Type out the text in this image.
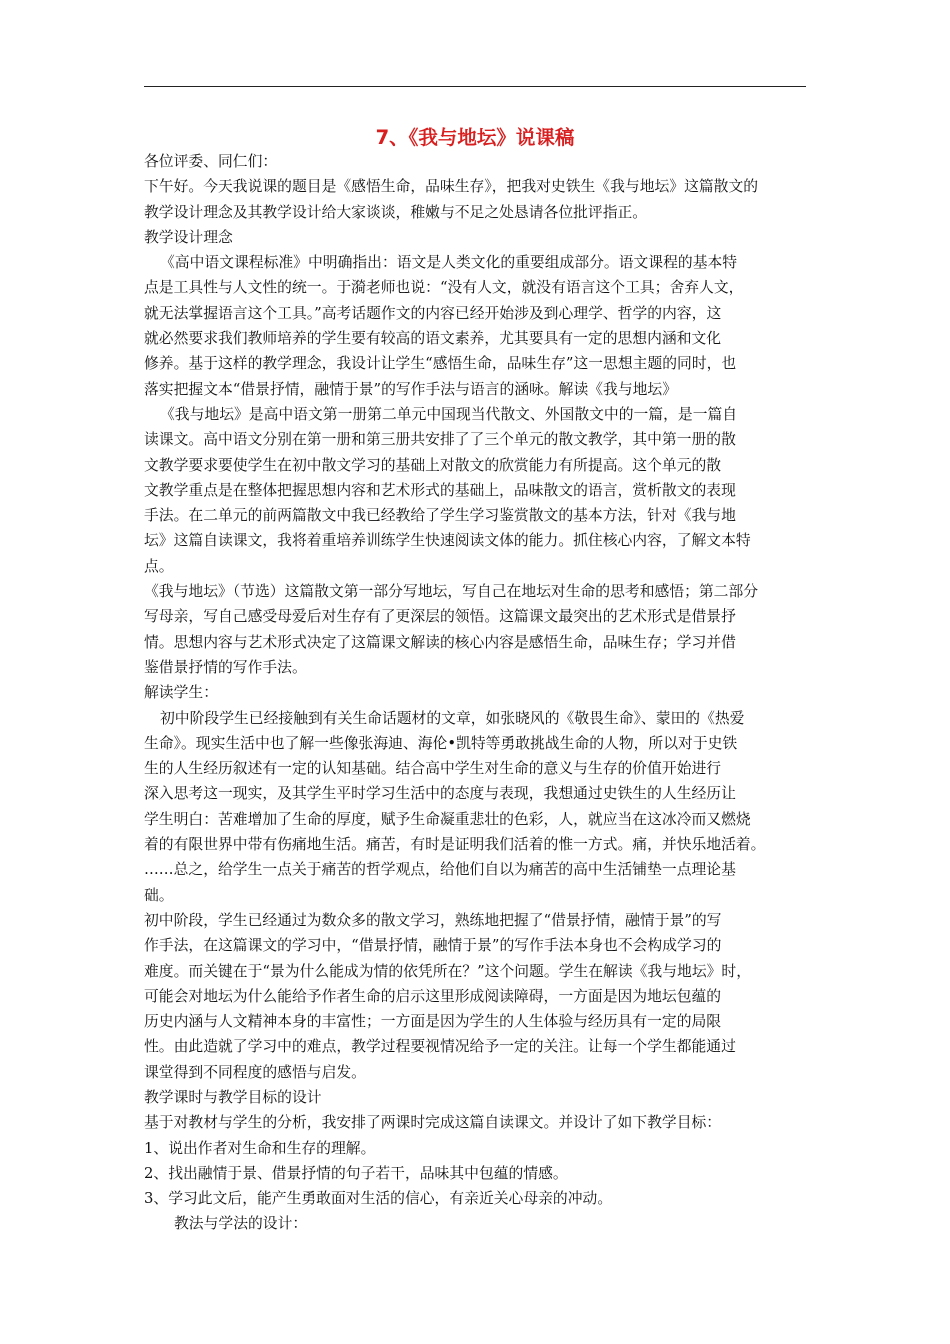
7、《我与地坛》说课稿

各位评委、同仁们：

下午好。今天我说课的题目是《感悟生命，品味生存》，把我对史铁生《我与地坛》这篇散文的

教学设计理念及其教学设计给大家谈谈，稚嫩与不足之处恳请各位批评指正。

教学设计理念

《高中语文课程标准》中明确指出：语文是人类文化的重要组成部分。语文课程的基本特

点是工具性与人文性的统一。于漪老师也说：“没有人文，就没有语言这个工具；舍弃人文，

就无法掌握语言这个工具。”高考话题作文的内容已经开始涉及到心理学、哲学的内容，这

就必然要求我们教师培养的学生要有较高的语文素养，尤其要具有一定的思想内涵和文化

修养。基于这样的教学理念，我设计让学生“感悟生命，品味生存”这一思想主题的同时，也

落实把握文本“借景抒情，融情于景”的写作手法与语言的涵咏。解读《我与地坛》

《我与地坛》是高中语文第一册第二单元中国现当代散文、外国散文中的一篇，是一篇自

读课文。高中语文分别在第一册和第三册共安排了了三个单元的散文教学，其中第一册的散

文教学要求要使学生在初中散文学习的基础上对散文的欣赏能力有所提高。这个单元的散

文教学重点是在整体把握思想内容和艺术形式的基础上，品味散文的语言，赏析散文的表现

手法。在二单元的前两篇散文中我已经教给了学生学习鉴赏散文的基本方法，针对《我与地

坛》这篇自读课文，我将着重培养训练学生快速阅读文体的能力。抓住核心内容，了解文本特

点。

《我与地坛》（节选）这篇散文第一部分写地坛，写自己在地坛对生命的思考和感悟；第二部分

写母亲，写自己感受母爱后对生存有了更深层的领悟。这篇课文最突出的艺术形式是借景抒

情。思想内容与艺术形式决定了这篇课文解读的核心内容是感悟生命，品味生存；学习并借

鉴借景抒情的写作手法。

解读学生：

初中阶段学生已经接触到有关生命话题材的文章，如张晓风的《敬畏生命》、蒙田的《热爱

生命》。现实生活中也了解一些像张海迪、海伦•凯特等勇敢挑战生命的人物，所以对于史铁

生的人生经历叙述有一定的认知基础。结合高中学生对生命的意义与生存的价值开始进行

深入思考这一现实，及其学生平时学习生活中的态度与表现，我想通过史铁生的人生经历让

学生明白：苦难增加了生命的厚度，赋予生命凝重悲壮的色彩，人，就应当在这冰冷而又燃烧

着的有限世界中带有伤痛地生活。痛苦，有时是证明我们活着的惟一方式。痛，并快乐地活着。

……总之，给学生一点关于痛苦的哲学观点，给他们自以为痛苦的高中生活铺垫一点理论基

础。

初中阶段，学生已经通过为数众多的散文学习，熟练地把握了“借景抒情，融情于景”的写

作手法，在这篇课文的学习中，“借景抒情，融情于景”的写作手法本身也不会构成学习的

难度。而关键在于“景为什么能成为情的依凭所在？”这个问题。学生在解读《我与地坛》时，

可能会对地坛为什么能给予作者生命的启示这里形成阅读障碍，一方面是因为地坛包蕴的

历史内涵与人文精神本身的丰富性；一方面是因为学生的人生体验与经历具有一定的局限

性。由此造就了学习中的难点，教学过程要视情况给予一定的关注。让每一个学生都能通过

课堂得到不同程度的感悟与启发。

教学课时与教学目标的设计

基于对教材与学生的分析，我安排了两课时完成这篇自读课文。并设计了如下教学目标：

1、说出作者对生命和生存的理解。

2、找出融情于景、借景抒情的句子若干，品味其中包蕴的情感。

3、学习此文后，能产生勇敢面对生活的信心，有亲近关心母亲的冲动。

教法与学法的设计：
